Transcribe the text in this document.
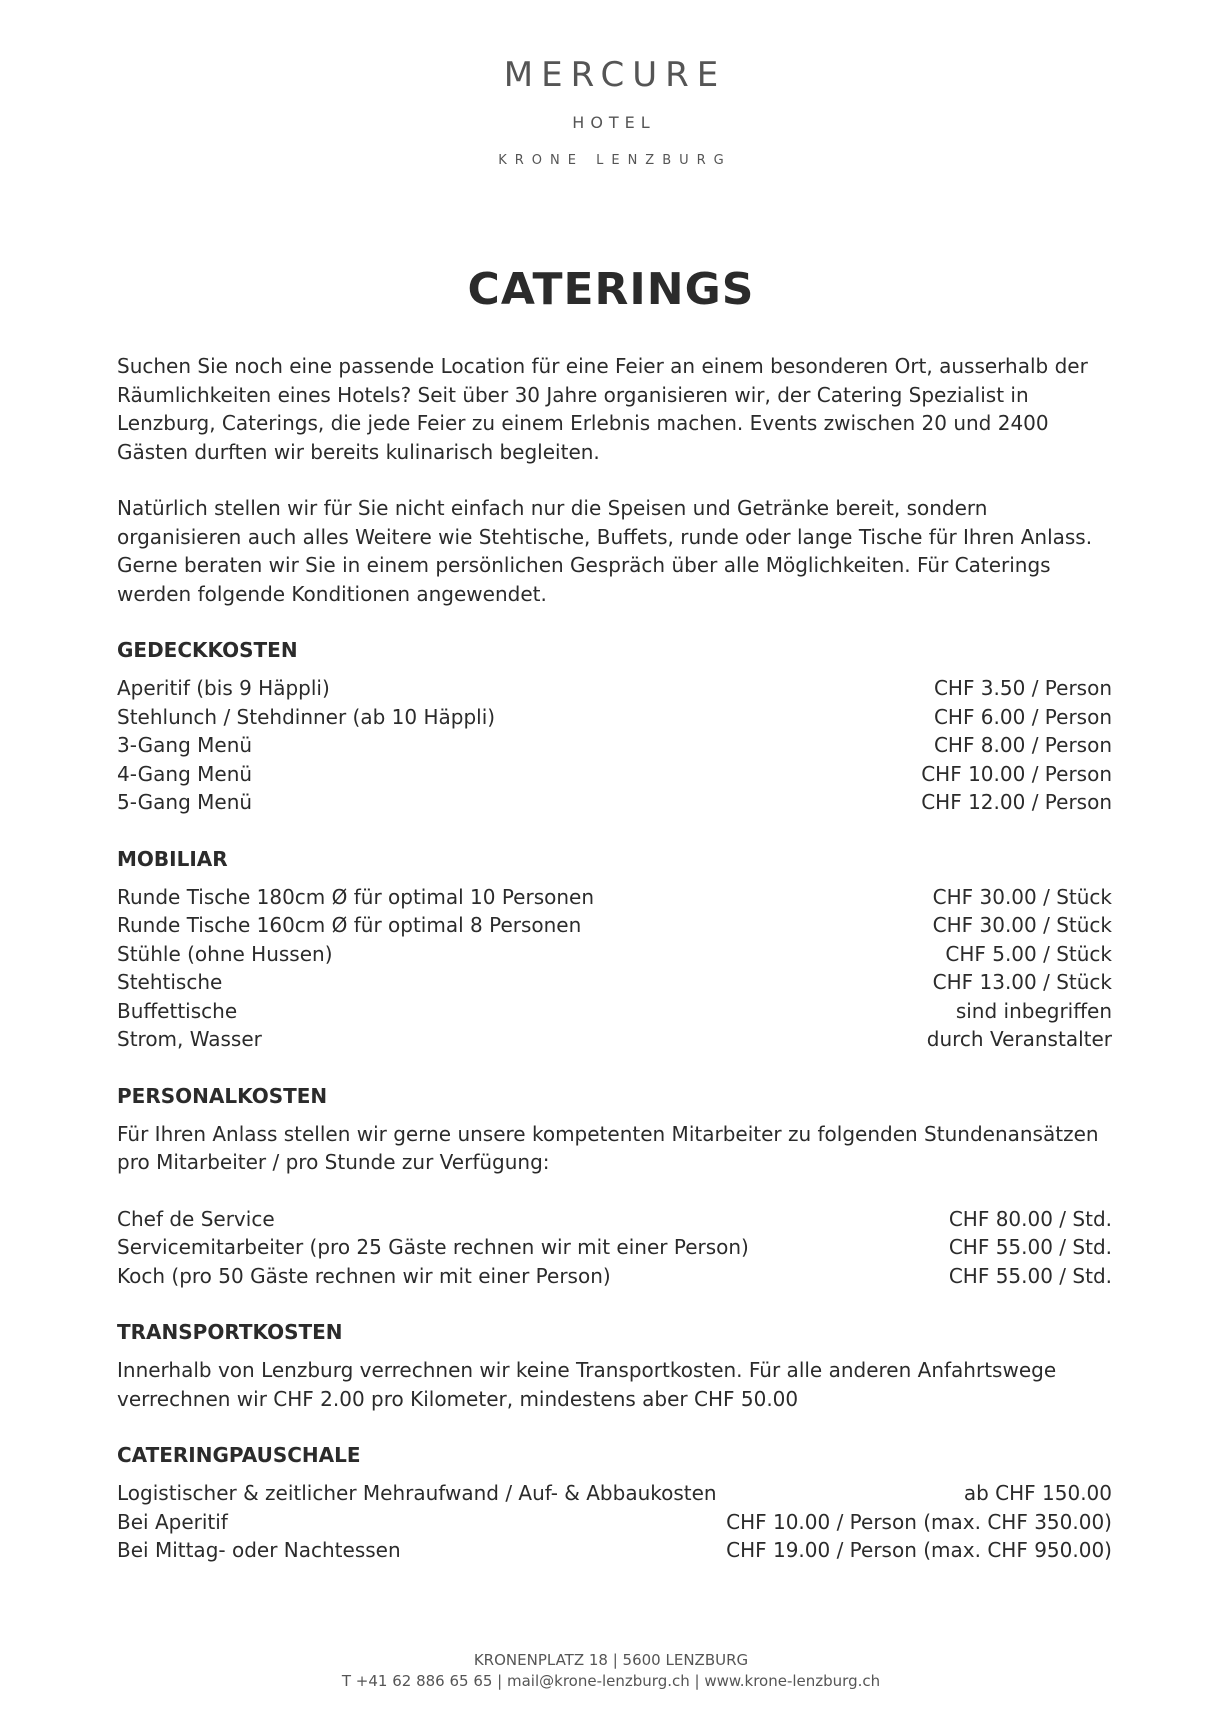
MERCURE
HOTEL
KRONE LENZBURG
CATERINGS

Suchen Sie noch eine passende Location für eine Feier an einem besonderen Ort, ausserhalb der Räumlichkeiten eines Hotels? Seit über 30 Jahre organisieren wir, der Catering Spezialist in Lenzburg, Caterings, die jede Feier zu einem Erlebnis machen. Events zwischen 20 und 2400 Gästen durften wir bereits kulinarisch begleiten.

Natürlich stellen wir für Sie nicht einfach nur die Speisen und Getränke bereit, sondern organisieren auch alles Weitere wie Stehtische, Buffets, runde oder lange Tische für Ihren Anlass. Gerne beraten wir Sie in einem persönlichen Gespräch über alle Möglichkeiten. Für Caterings werden folgende Konditionen angewendet.

GEDECKKOSTEN
Aperitif (bis 9 Häppli)	CHF 3.50 / Person
Stehlunch / Stehdinner (ab 10 Häppli)	CHF 6.00 / Person
3-Gang Menü	CHF 8.00 / Person
4-Gang Menü	CHF 10.00 / Person
5-Gang Menü	CHF 12.00 / Person
MOBILIAR
Runde Tische 180cm Ø für optimal 10 Personen	CHF 30.00 / Stück
Runde Tische 160cm Ø für optimal 8 Personen	CHF 30.00 / Stück
Stühle (ohne Hussen)	CHF 5.00 / Stück
Stehtische	CHF 13.00 / Stück
Buffettische	sind inbegriffen
Strom, Wasser	durch Veranstalter
PERSONALKOSTEN

Für Ihren Anlass stellen wir gerne unsere kompetenten Mitarbeiter zu folgenden Stundenansätzen pro Mitarbeiter / pro Stunde zur Verfügung:

Chef de Service	CHF 80.00 / Std.
Servicemitarbeiter (pro 25 Gäste rechnen wir mit einer Person)	CHF 55.00 / Std.
Koch (pro 50 Gäste rechnen wir mit einer Person)	CHF 55.00 / Std.
TRANSPORTKOSTEN

Innerhalb von Lenzburg verrechnen wir keine Transportkosten. Für alle anderen Anfahrtswege verrechnen wir CHF 2.00 pro Kilometer, mindestens aber CHF 50.00

CATERINGPAUSCHALE
Logistischer & zeitlicher Mehraufwand / Auf- & Abbaukosten	ab CHF 150.00
Bei Aperitif	CHF 10.00 / Person (max. CHF 350.00)
Bei Mittag- oder Nachtessen	CHF 19.00 / Person (max. CHF 950.00)
KRONENPLATZ 18 | 5600 LENZBURG
T +41 62 886 65 65 | mail@krone-lenzburg.ch | www.krone-lenzburg.ch
